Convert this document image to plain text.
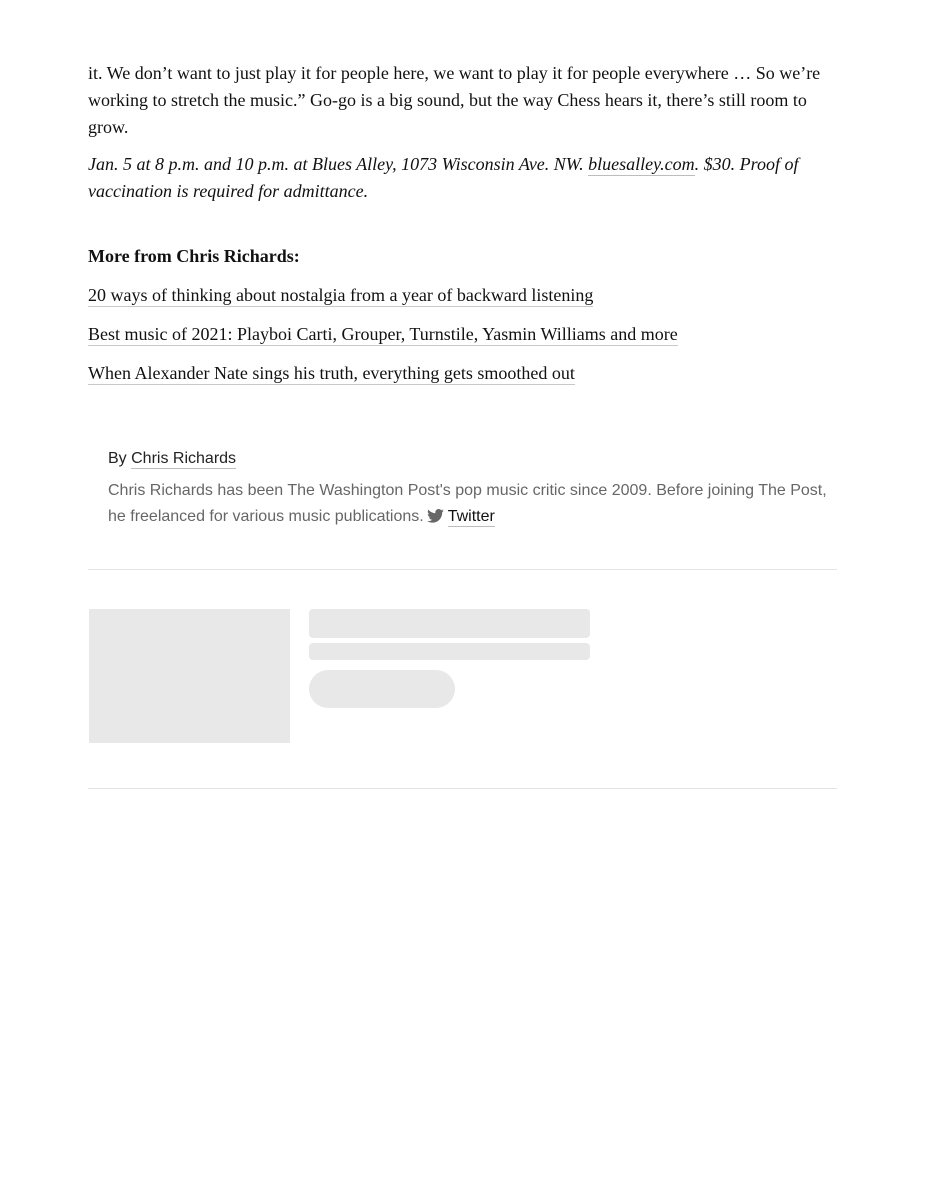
it. We don’t want to just play it for people here, we want to play it for people everywhere … So we’re working to stretch the music.” Go-go is a big sound, but the way Chess hears it, there’s still room to grow.

Jan. 5 at 8 p.m. and 10 p.m. at Blues Alley, 1073 Wisconsin Ave. NW. bluesalley.com. $30. Proof of vaccination is required for admittance.

More from Chris Richards:
20 ways of thinking about nostalgia from a year of backward listening
Best music of 2021: Playboi Carti, Grouper, Turnstile, Yasmin Williams and more
When Alexander Nate sings his truth, everything gets smoothed out
By Chris Richards
Chris Richards has been The Washington Post's pop music critic since 2009. Before joining The Post, he freelanced for various music publications. Twitter
